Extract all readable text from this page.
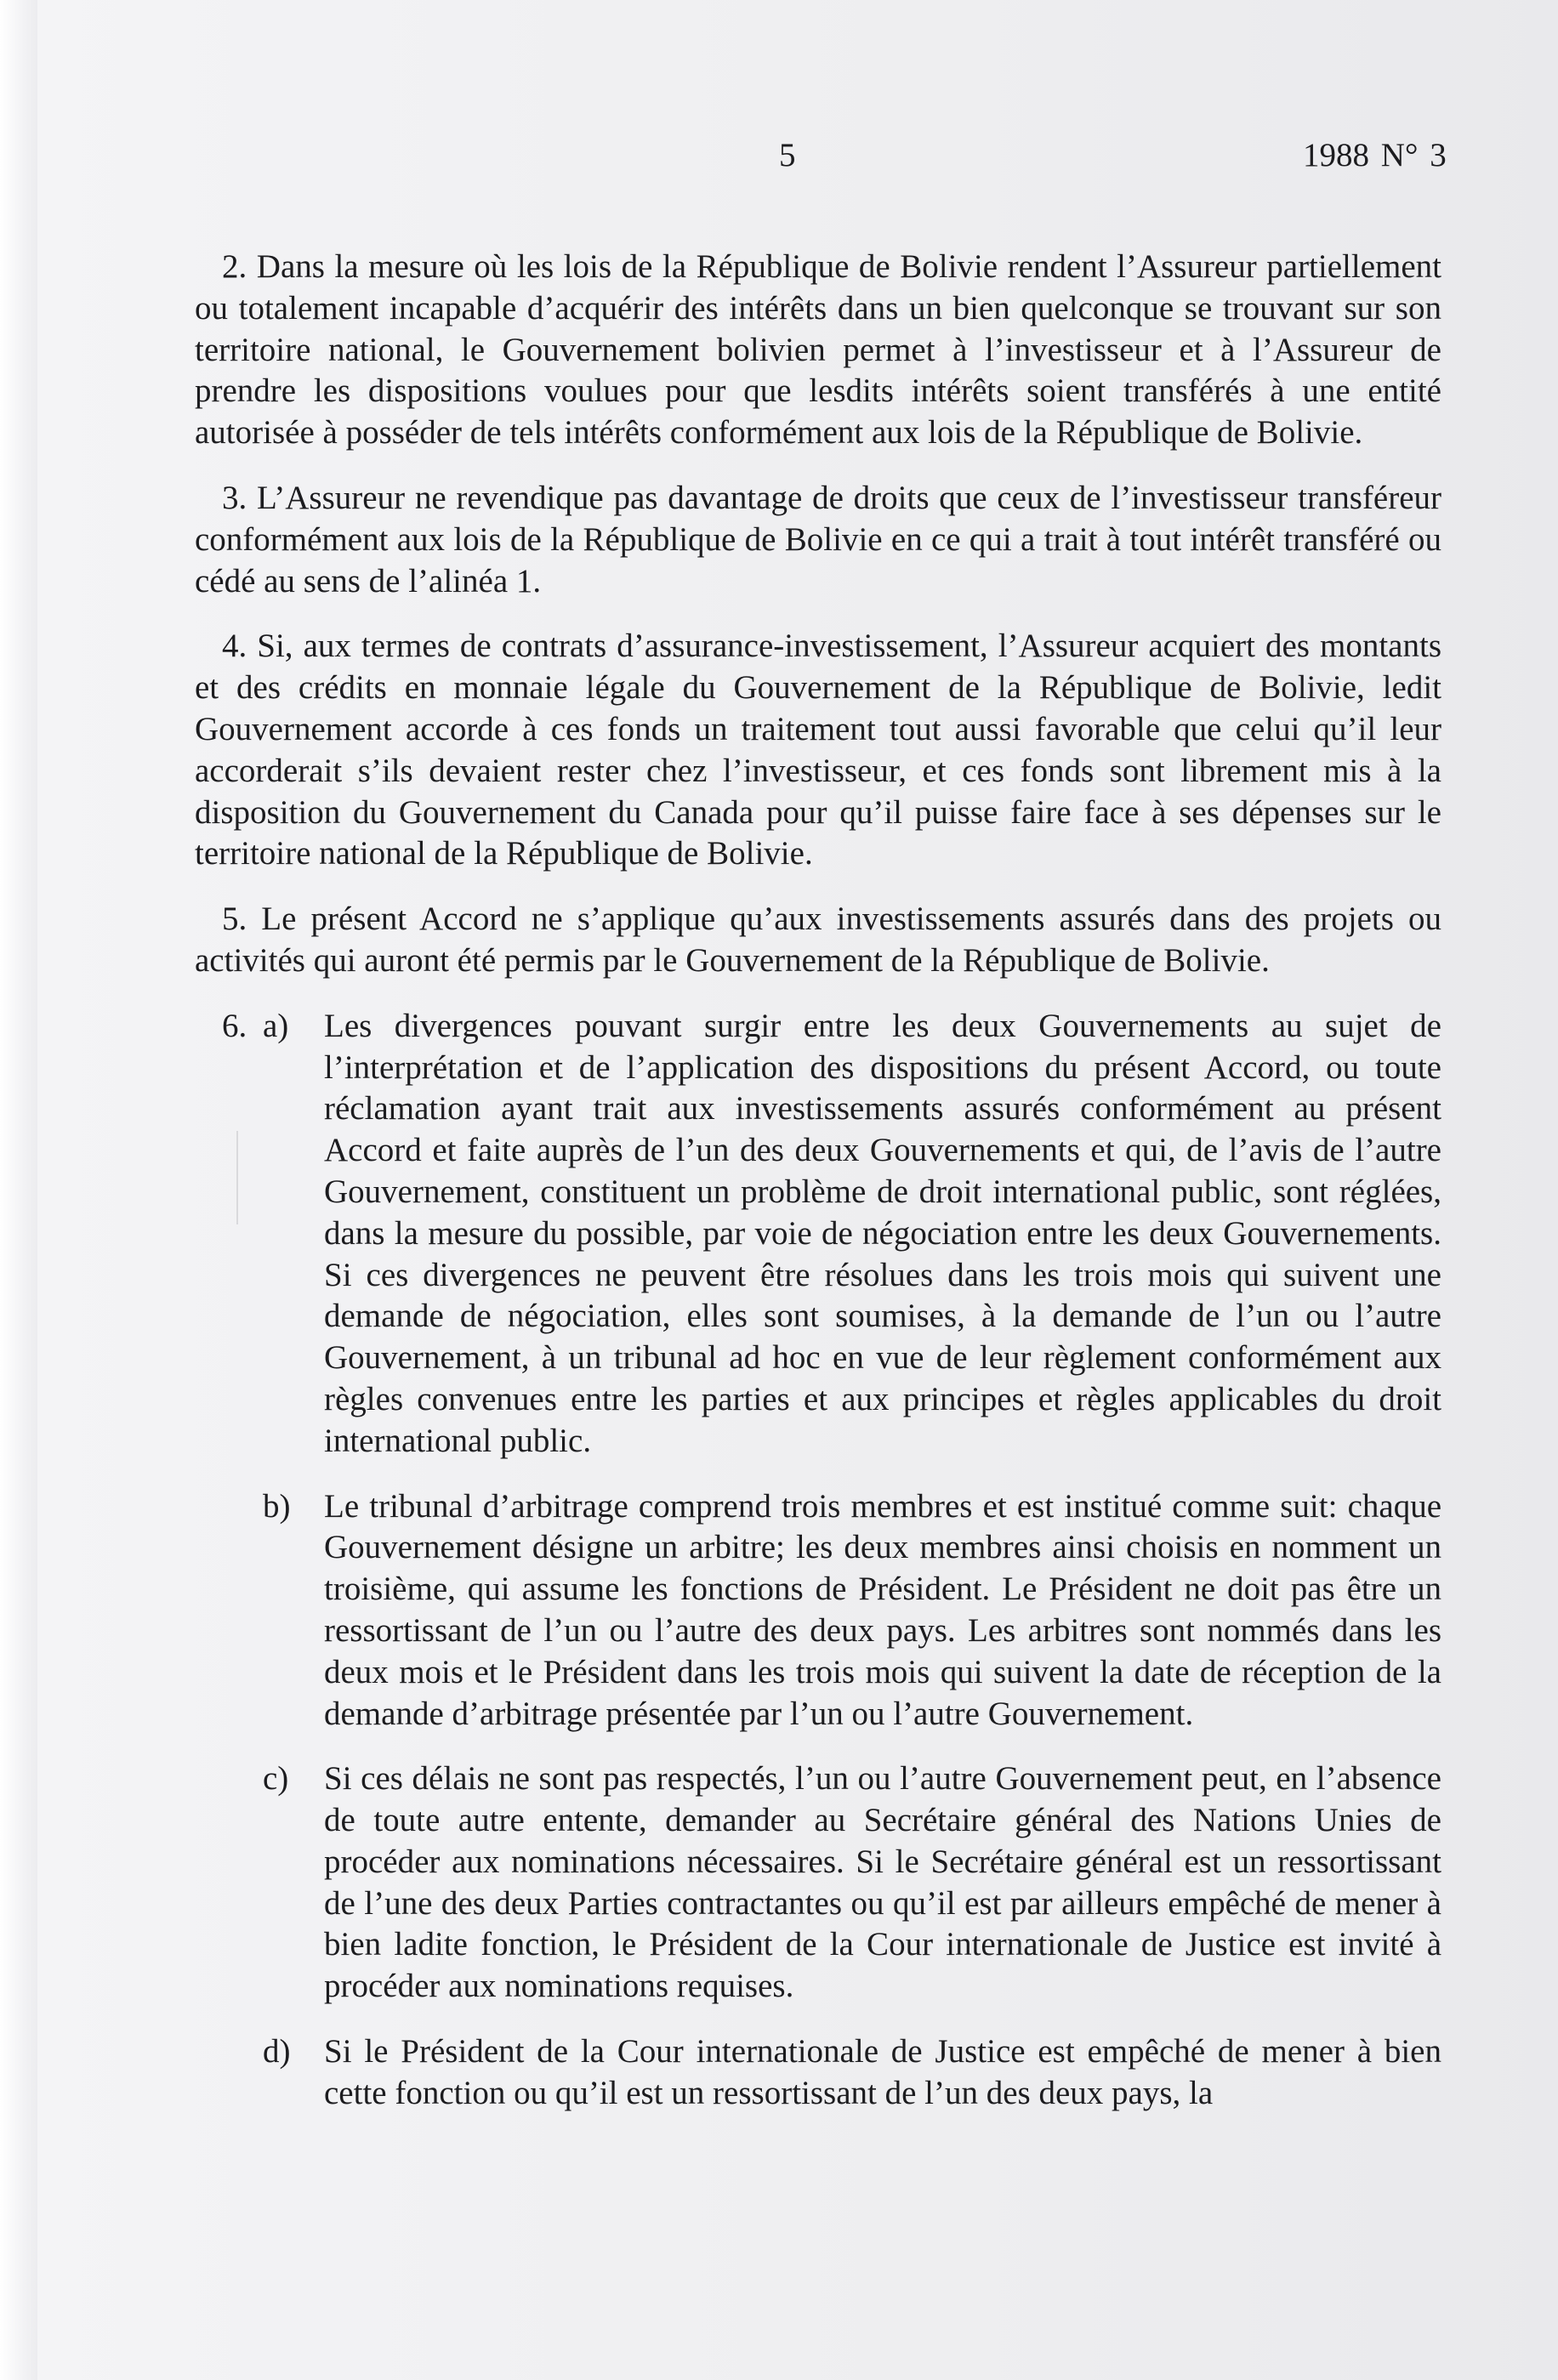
5	1988 N° 3

2. Dans la mesure où les lois de la République de Bolivie rendent l’Assureur partiellement ou totalement incapable d’acquérir des intérêts dans un bien quelconque se trouvant sur son territoire national, le Gouvernement bolivien permet à l’investisseur et à l’Assureur de prendre les dispositions voulues pour que lesdits intérêts soient transférés à une entité autorisée à posséder de tels intérêts conformément aux lois de la République de Bolivie.

3. L’Assureur ne revendique pas davantage de droits que ceux de l’investisseur transféreur conformément aux lois de la République de Bolivie en ce qui a trait à tout intérêt transféré ou cédé au sens de l’alinéa 1.

4. Si, aux termes de contrats d’assurance-investissement, l’Assureur acquiert des montants et des crédits en monnaie légale du Gouvernement de la République de Bolivie, ledit Gouvernement accorde à ces fonds un traitement tout aussi favorable que celui qu’il leur accorderait s’ils devaient rester chez l’investisseur, et ces fonds sont librement mis à la disposition du Gouvernement du Canada pour qu’il puisse faire face à ses dépenses sur le territoire national de la République de Bolivie.

5. Le présent Accord ne s’applique qu’aux investissements assurés dans des projets ou activités qui auront été permis par le Gouvernement de la République de Bolivie.

6. a) Les divergences pouvant surgir entre les deux Gouvernements au sujet de l’interprétation et de l’application des dispositions du présent Accord, ou toute réclamation ayant trait aux investissements assurés conformément au présent Accord et faite auprès de l’un des deux Gouvernements et qui, de l’avis de l’autre Gouvernement, constituent un problème de droit international public, sont réglées, dans la mesure du possible, par voie de négociation entre les deux Gouvernements. Si ces divergences ne peuvent être résolues dans les trois mois qui suivent une demande de négociation, elles sont soumises, à la demande de l’un ou l’autre Gouvernement, à un tribunal ad hoc en vue de leur règlement conformément aux règles convenues entre les parties et aux principes et règles applicables du droit international public.

b) Le tribunal d’arbitrage comprend trois membres et est institué comme suit: chaque Gouvernement désigne un arbitre; les deux membres ainsi choisis en nomment un troisième, qui assume les fonctions de Président. Le Président ne doit pas être un ressortissant de l’un ou l’autre des deux pays. Les arbitres sont nommés dans les deux mois et le Président dans les trois mois qui suivent la date de réception de la demande d’arbitrage présentée par l’un ou l’autre Gouvernement.

c) Si ces délais ne sont pas respectés, l’un ou l’autre Gouvernement peut, en l’absence de toute autre entente, demander au Secrétaire général des Nations Unies de procéder aux nominations nécessaires. Si le Secrétaire général est un ressortissant de l’une des deux Parties contractantes ou qu’il est par ailleurs empêché de mener à bien ladite fonction, le Président de la Cour internationale de Justice est invité à procéder aux nominations requises.

d) Si le Président de la Cour internationale de Justice est empêché de mener à bien cette fonction ou qu’il est un ressortissant de l’un des deux pays, la
